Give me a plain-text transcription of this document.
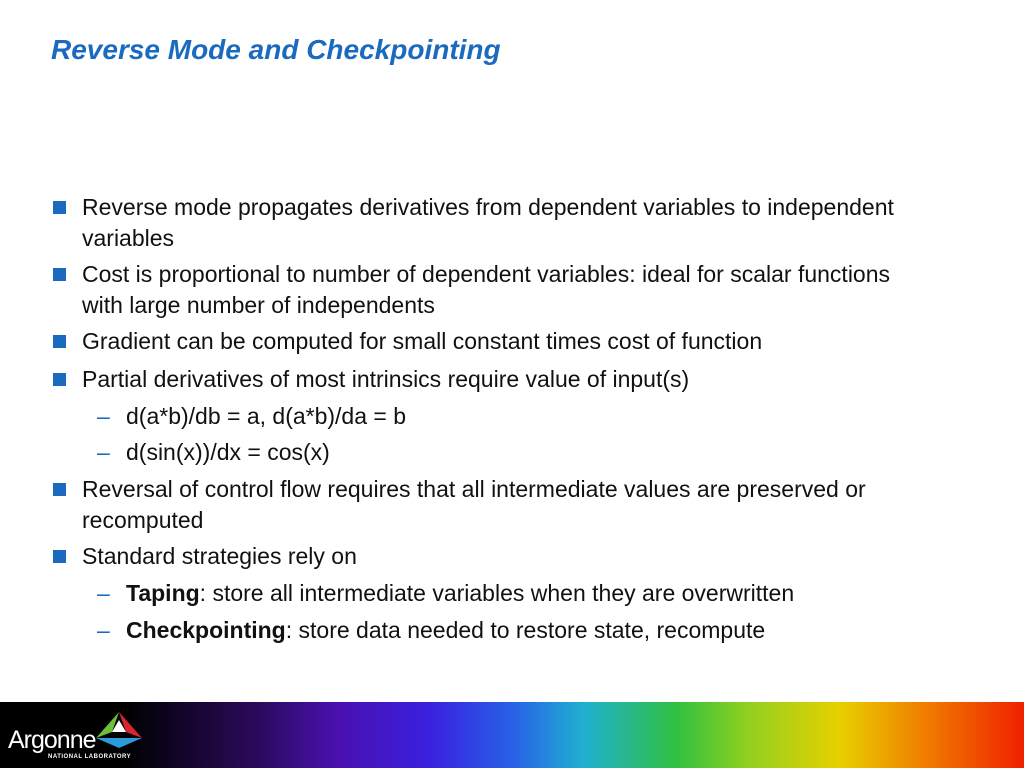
Reverse Mode and Checkpointing
Reverse mode propagates derivatives from dependent variables to independent variables
Cost is proportional to number of dependent variables: ideal for scalar functions with large number of independents
Gradient can be computed for small constant times cost of function
Partial derivatives of most intrinsics require value of input(s)
– d(a*b)/db = a, d(a*b)/da = b
– d(sin(x))/dx = cos(x)
Reversal of control flow requires that all intermediate values are preserved or recomputed
Standard strategies rely on
– Taping: store all intermediate variables when they are overwritten
– Checkpointing: store data needed to restore state, recompute
Argonne
NATIONAL LABORATORY
